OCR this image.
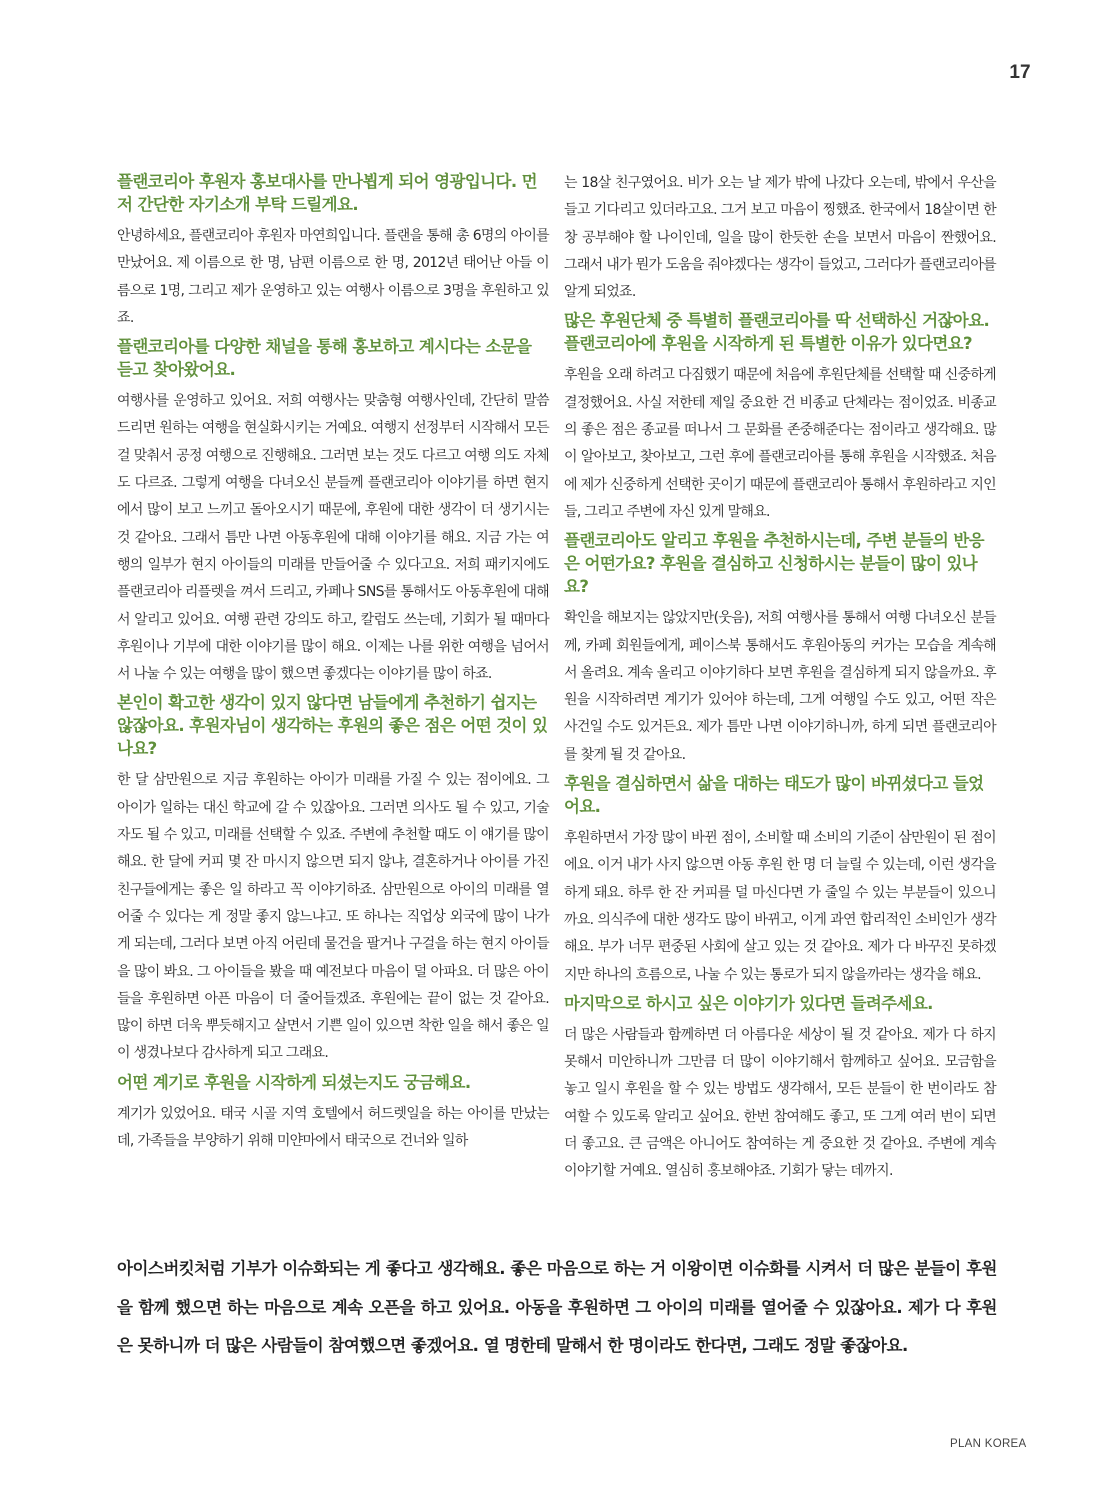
17

플랜코리아 후원자 홍보대사를 만나뵙게 되어 영광입니다. 먼저 간단한 자기소개 부탁 드릴게요.

안녕하세요, 플랜코리아 후원자 마연희입니다. 플랜을 통해 총 6명의 아이를 만났어요. 제 이름으로 한 명, 남편 이름으로 한 명, 2012년 태어난 아들 이름으로 1명, 그리고 제가 운영하고 있는 여행사 이름으로 3명을 후원하고 있죠.

플랜코리아를 다양한 채널을 통해 홍보하고 계시다는 소문을 듣고 찾아왔어요.

여행사를 운영하고 있어요. 저희 여행사는 맞춤형 여행사인데, 간단히 말씀드리면 원하는 여행을 현실화시키는 거예요. 여행지 선정부터 시작해서 모든 걸 맞춰서 공정 여행으로 진행해요. 그러면 보는 것도 다르고 여행 의도 자체도 다르죠. 그렇게 여행을 다녀오신 분들께 플랜코리아 이야기를 하면 현지에서 많이 보고 느끼고 돌아오시기 때문에, 후원에 대한 생각이 더 생기시는 것 같아요. 그래서 틈만 나면 아동후원에 대해 이야기를 해요. 지금 가는 여행의 일부가 현지 아이들의 미래를 만들어줄 수 있다고요. 저희 패키지에도 플랜코리아 리플렛을 껴서 드리고, 카페나 SNS를 통해서도 아동후원에 대해서 알리고 있어요. 여행 관련 강의도 하고, 칼럼도 쓰는데, 기회가 될 때마다 후원이나 기부에 대한 이야기를 많이 해요. 이제는 나를 위한 여행을 넘어서서 나눌 수 있는 여행을 많이 했으면 좋겠다는 이야기를 많이 하죠.

본인이 확고한 생각이 있지 않다면 남들에게 추천하기 쉽지는 않잖아요. 후원자님이 생각하는 후원의 좋은 점은 어떤 것이 있나요?

한 달 삼만원으로 지금 후원하는 아이가 미래를 가질 수 있는 점이에요. 그 아이가 일하는 대신 학교에 갈 수 있잖아요. 그러면 의사도 될 수 있고, 기술자도 될 수 있고, 미래를 선택할 수 있죠. 주변에 추천할 때도 이 얘기를 많이 해요. 한 달에 커피 몇 잔 마시지 않으면 되지 않냐, 결혼하거나 아이를 가진 친구들에게는 좋은 일 하라고 꼭 이야기하죠. 삼만원으로 아이의 미래를 열어줄 수 있다는 게 정말 좋지 않느냐고. 또 하나는 직업상 외국에 많이 나가게 되는데, 그러다 보면 아직 어린데 물건을 팔거나 구걸을 하는 현지 아이들을 많이 봐요. 그 아이들을 봤을 때 예전보다 마음이 덜 아파요. 더 많은 아이들을 후원하면 아픈 마음이 더 줄어들겠죠. 후원에는 끝이 없는 것 같아요. 많이 하면 더욱 뿌듯해지고 살면서 기쁜 일이 있으면 착한 일을 해서 좋은 일이 생겼나보다 감사하게 되고 그래요.

어떤 계기로 후원을 시작하게 되셨는지도 궁금해요.

계기가 있었어요. 태국 시골 지역 호텔에서 허드렛일을 하는 아이를 만났는데, 가족들을 부양하기 위해 미얀마에서 태국으로 건너와 일하

는 18살 친구였어요. 비가 오는 날 제가 밖에 나갔다 오는데, 밖에서 우산을 들고 기다리고 있더라고요. 그거 보고 마음이 찡했죠. 한국에서 18살이면 한창 공부해야 할 나이인데, 일을 많이 한듯한 손을 보면서 마음이 짠했어요. 그래서 내가 뭔가 도움을 줘야겠다는 생각이 들었고, 그러다가 플랜코리아를 알게 되었죠.

많은 후원단체 중 특별히 플랜코리아를 딱 선택하신 거잖아요. 플랜코리아에 후원을 시작하게 된 특별한 이유가 있다면요?

후원을 오래 하려고 다짐했기 때문에 처음에 후원단체를 선택할 때 신중하게 결정했어요. 사실 저한테 제일 중요한 건 비종교 단체라는 점이었죠. 비종교의 좋은 점은 종교를 떠나서 그 문화를 존중해준다는 점이라고 생각해요. 많이 알아보고, 찾아보고, 그런 후에 플랜코리아를 통해 후원을 시작했죠. 처음에 제가 신중하게 선택한 곳이기 때문에 플랜코리아 통해서 후원하라고 지인들, 그리고 주변에 자신 있게 말해요.

플랜코리아도 알리고 후원을 추천하시는데, 주변 분들의 반응은 어떤가요? 후원을 결심하고 신청하시는 분들이 많이 있나요?

확인을 해보지는 않았지만(웃음), 저희 여행사를 통해서 여행 다녀오신 분들께, 카페 회원들에게, 페이스북 통해서도 후원아동의 커가는 모습을 계속해서 올려요. 계속 올리고 이야기하다 보면 후원을 결심하게 되지 않을까요. 후원을 시작하려면 계기가 있어야 하는데, 그게 여행일 수도 있고, 어떤 작은 사건일 수도 있거든요. 제가 틈만 나면 이야기하니까, 하게 되면 플랜코리아를 찾게 될 것 같아요.

후원을 결심하면서 삶을 대하는 태도가 많이 바뀌셨다고 들었어요.

후원하면서 가장 많이 바뀐 점이, 소비할 때 소비의 기준이 삼만원이 된 점이에요. 이거 내가 사지 않으면 아동 후원 한 명 더 늘릴 수 있는데, 이런 생각을 하게 돼요. 하루 한 잔 커피를 덜 마신다면 가 줄일 수 있는 부분들이 있으니까요. 의식주에 대한 생각도 많이 바뀌고, 이게 과연 합리적인 소비인가 생각해요. 부가 너무 편중된 사회에 살고 있는 것 같아요. 제가 다 바꾸진 못하겠지만 하나의 흐름으로, 나눌 수 있는 통로가 되지 않을까라는 생각을 해요.

마지막으로 하시고 싶은 이야기가 있다면 들려주세요.

더 많은 사람들과 함께하면 더 아름다운 세상이 될 것 같아요. 제가 다 하지 못해서 미안하니까 그만큼 더 많이 이야기해서 함께하고 싶어요. 모금함을 놓고 일시 후원을 할 수 있는 방법도 생각해서, 모든 분들이 한 번이라도 참여할 수 있도록 알리고 싶어요. 한번 참여해도 좋고, 또 그게 여러 번이 되면 더 좋고요. 큰 금액은 아니어도 참여하는 게 중요한 것 같아요. 주변에 계속 이야기할 거예요. 열심히 홍보해야죠. 기회가 닿는 데까지.

아이스버킷처럼 기부가 이슈화되는 게 좋다고 생각해요. 좋은 마음으로 하는 거 이왕이면 이슈화를 시켜서 더 많은 분들이 후원을 함께 했으면 하는 마음으로 계속 오픈을 하고 있어요. 아동을 후원하면 그 아이의 미래를 열어줄 수 있잖아요. 제가 다 후원은 못하니까 더 많은 사람들이 참여했으면 좋겠어요. 열 명한테 말해서 한 명이라도 한다면, 그래도 정말 좋잖아요.
PLAN KOREA
